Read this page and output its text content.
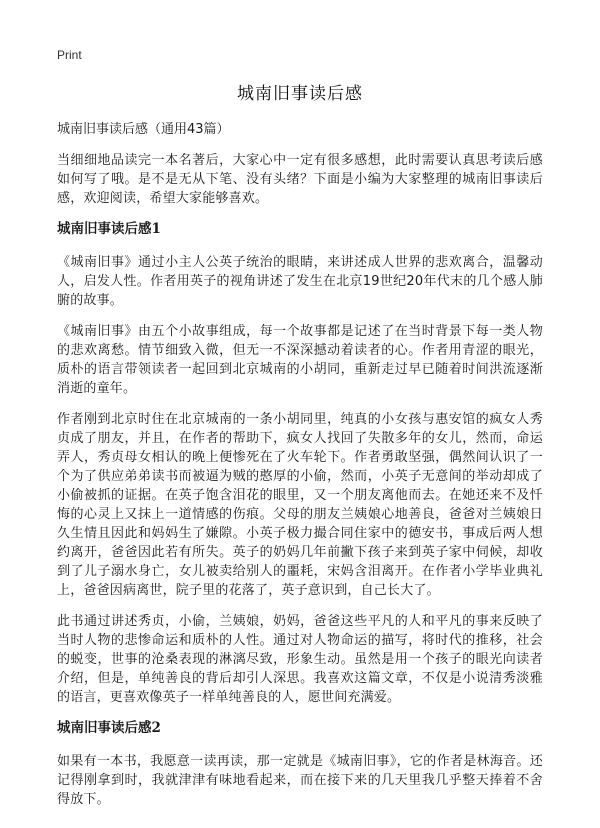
Print
城南旧事读后感
城南旧事读后感（通用43篇）

当细细地品读完一本名著后，大家心中一定有很多感想，此时需要认真思考读后感如何写了哦。是不是无从下笔、没有头绪？下面是小编为大家整理的城南旧事读后感，欢迎阅读，希望大家能够喜欢。

城南旧事读后感1

《城南旧事》通过小主人公英子统治的眼睛，来讲述成人世界的悲欢离合，温馨动人，启发人性。作者用英子的视角讲述了发生在北京19世纪20年代末的几个感人肺腑的故事。

《城南旧事》由五个小故事组成，每一个故事都是记述了在当时背景下每一类人物的悲欢离愁。情节细致入微，但无一不深深撼动着读者的心。作者用青涩的眼光，质朴的语言带领读者一起回到北京城南的小胡同，重新走过早已随着时间洪流逐渐消逝的童年。

作者刚到北京时住在北京城南的一条小胡同里，纯真的小女孩与惠安馆的疯女人秀贞成了朋友，并且，在作者的帮助下，疯女人找回了失散多年的女儿，然而，命运弄人，秀贞母女相认的晚上便惨死在了火车轮下。作者勇敢坚强，偶然间认识了一个为了供应弟弟读书而被逼为贼的憨厚的小偷，然而，小英子无意间的举动却成了小偷被抓的证据。在英子饱含泪花的眼里，又一个朋友离他而去。在她还来不及忏悔的心灵上又抹上一道情感的伤痕。父母的朋友兰姨娘心地善良，爸爸对兰姨娘日久生情且因此和妈妈生了嫌隙。小英子极力撮合同住家中的德安书，事成后两人想约离开，爸爸因此若有所失。英子的奶妈几年前撇下孩子来到英子家中伺候，却收到了儿子溺水身亡，女儿被卖给别人的噩耗，宋妈含泪离开。在作者小学毕业典礼上，爸爸因病离世，院子里的花落了，英子意识到，自己长大了。

此书通过讲述秀贞，小偷，兰姨娘，奶妈，爸爸这些平凡的人和平凡的事来反映了当时人物的悲惨命运和质朴的人性。通过对人物命运的描写，将时代的推移，社会的蜕变，世事的沧桑表现的淋漓尽致，形象生动。虽然是用一个孩子的眼光向读者介绍，但是，单纯善良的背后却引人深思。我喜欢这篇文章，不仅是小说清秀淡雅的语言，更喜欢像英子一样单纯善良的人，愿世间充满爱。

城南旧事读后感2

如果有一本书，我愿意一读再读，那一定就是《城南旧事》，它的作者是林海音。还记得刚拿到时，我就津津有味地看起来，而在接下来的几天里我几乎整天捧着不舍得放下。
